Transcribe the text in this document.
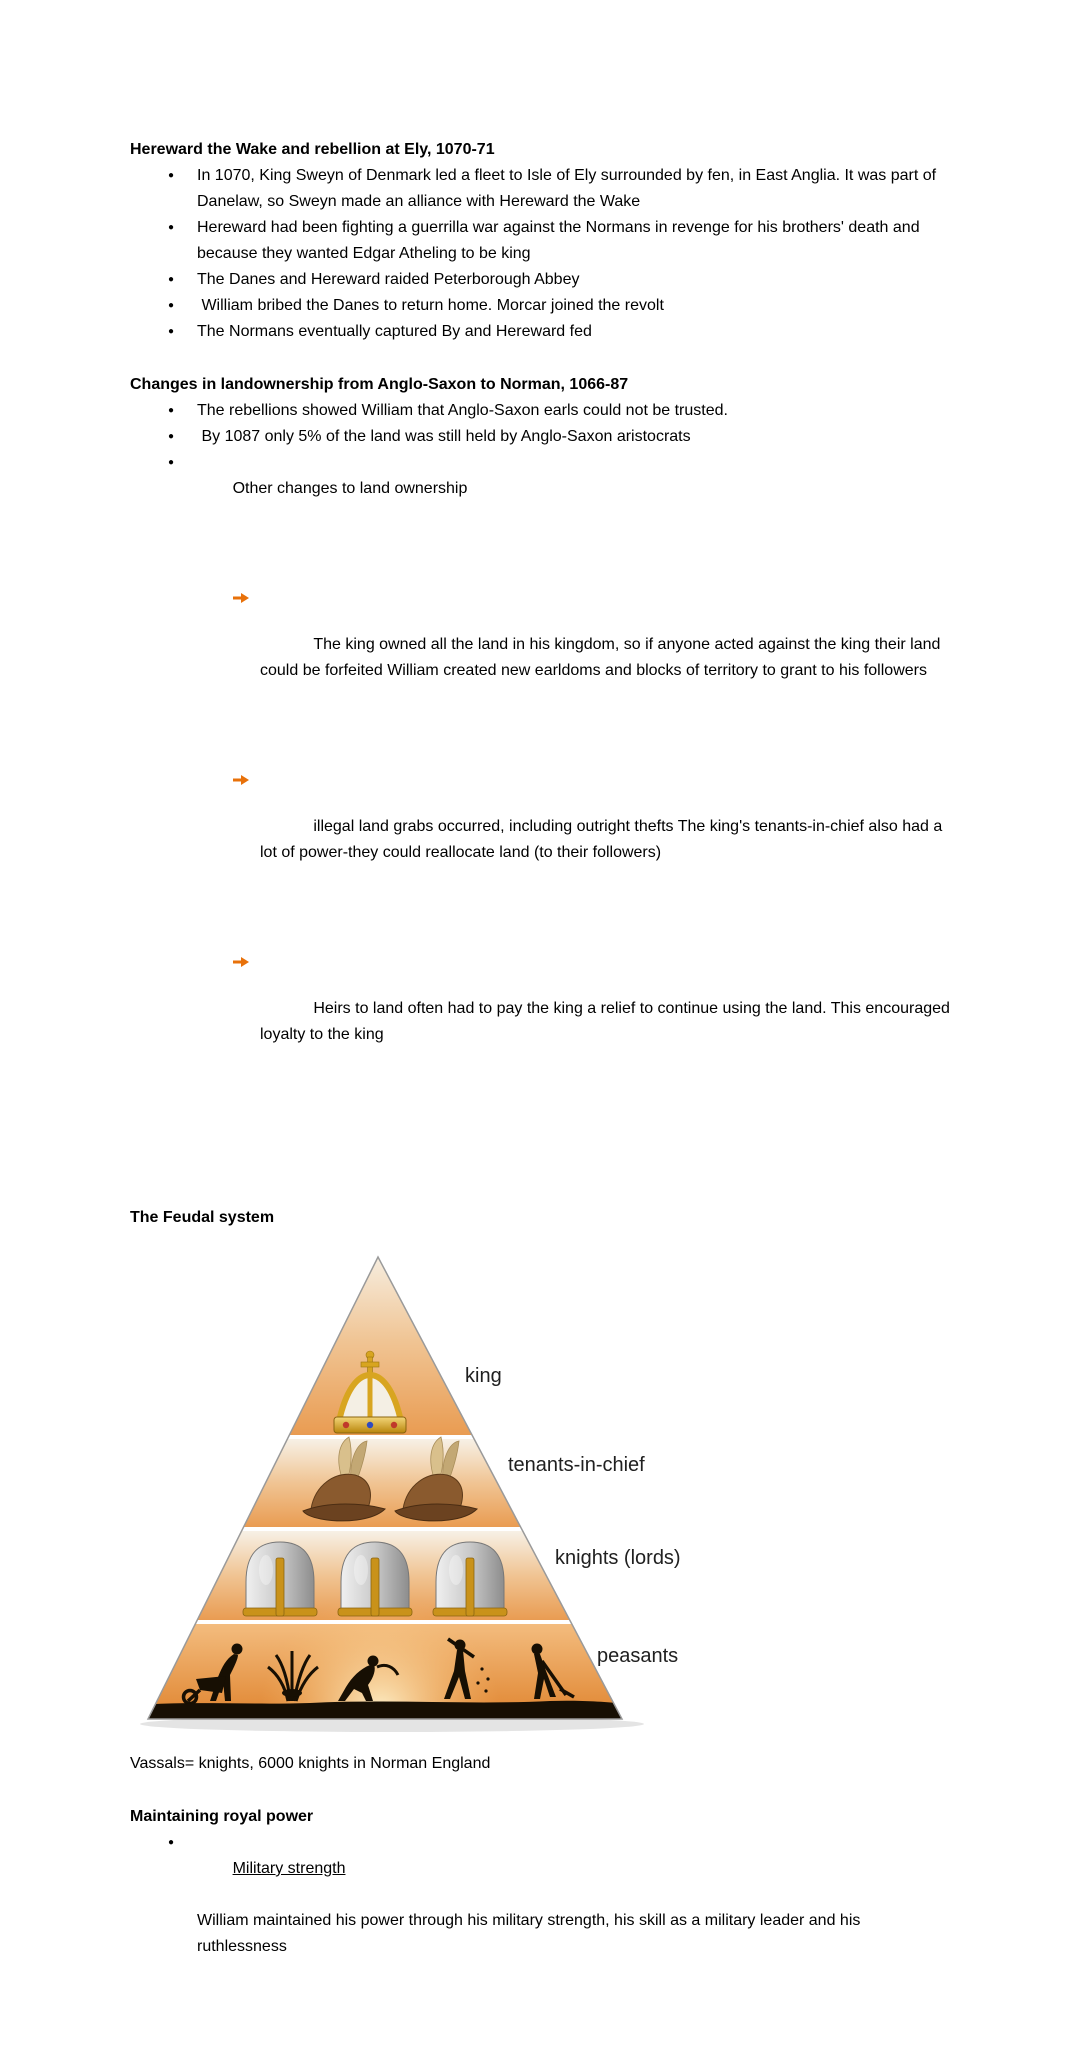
Hereward the Wake and rebellion at Ely, 1070-71
● In 1070, King Sweyn of Denmark led a fleet to Isle of Ely surrounded by fen, in East Anglia. It was part of Danelaw, so Sweyn made an alliance with Hereward the Wake
● Hereward had been fighting a guerrilla war against the Normans in revenge for his brothers' death and because they wanted Edgar Atheling to be king
● The Danes and Hereward raided Peterborough Abbey
●  William bribed the Danes to return home. Morcar joined the revolt
● The Normans eventually captured By and Hereward fed
Changes in landownership from Anglo-Saxon to Norman, 1066-87
● The rebellions showed William that Anglo-Saxon earls could not be trusted.
●  By 1087 only 5% of the land was still held by Anglo-Saxon aristocrats

● Other changes to land ownership

The king owned all the land in his kingdom, so if anyone acted against the king their land could be forfeited William created new earldoms and blocks of territory to grant to his followers

illegal land grabs occurred, including outright thefts The king's tenants-in-chief also had a lot of power-they could reallocate land (to their followers)

Heirs to land often had to pay the king a relief to continue using the land. This encouraged loyalty to the king

The Feudal system
king
tenants-in-chief
knights (lords)
peasants

Vassals= knights, 6000 knights in Norman England

Maintaining royal power

● Military strength

William maintained his power through his military strength, his skill as a military leader and his ruthlessness
